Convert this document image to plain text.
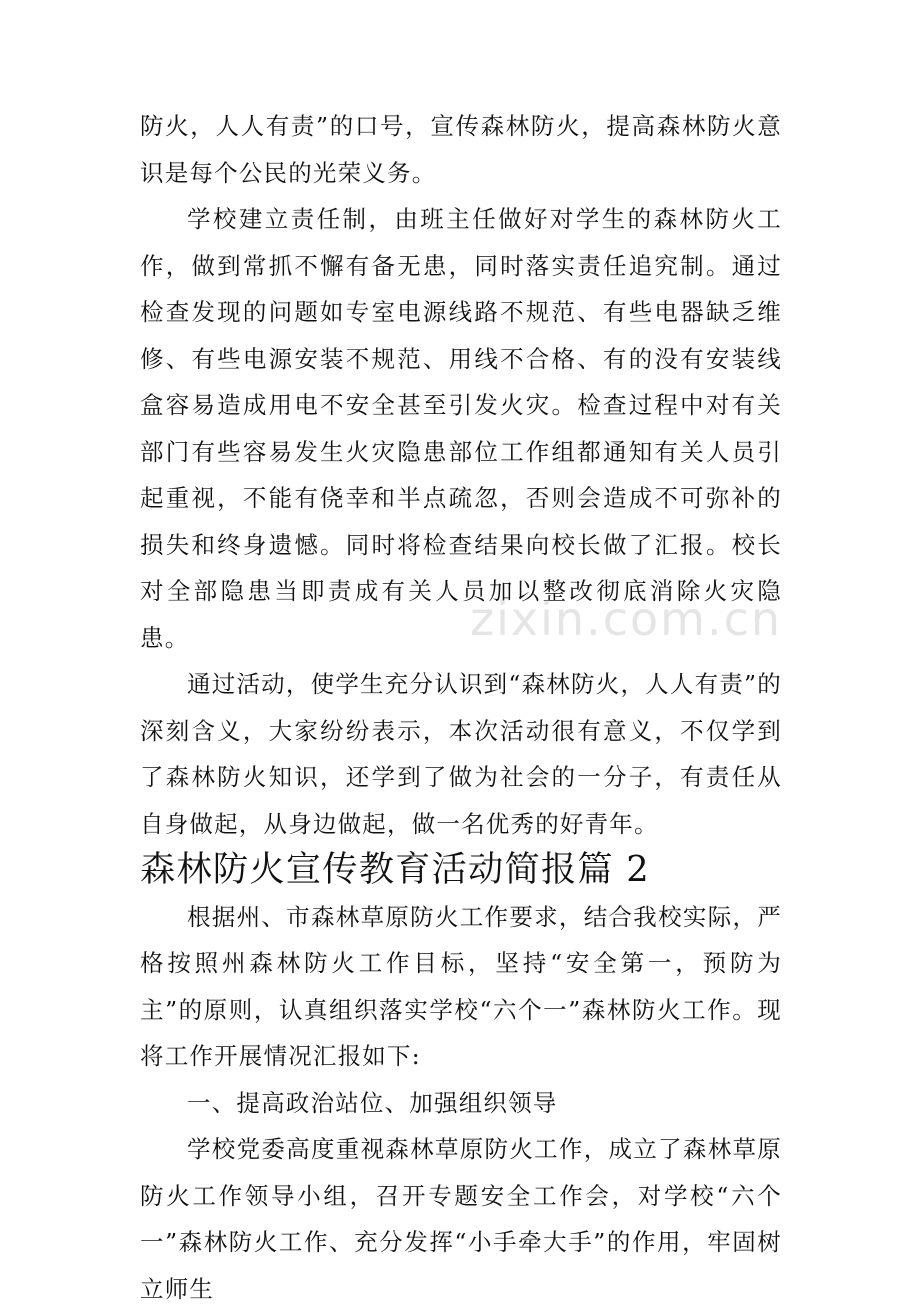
防火，人人有责”的口号，宣传森林防火，提高森林防火意识是每个公民的光荣义务。

学校建立责任制，由班主任做好对学生的森林防火工作，做到常抓不懈有备无患，同时落实责任追究制。通过检查发现的问题如专室电源线路不规范、有些电器缺乏维修、有些电源安装不规范、用线不合格、有的没有安装线盒容易造成用电不安全甚至引发火灾。检查过程中对有关部门有些容易发生火灾隐患部位工作组都通知有关人员引起重视，不能有侥幸和半点疏忽，否则会造成不可弥补的损失和终身遗憾。同时将检查结果向校长做了汇报。校长对全部隐患当即责成有关人员加以整改彻底消除火灾隐患。

通过活动，使学生充分认识到“森林防火，人人有责”的深刻含义，大家纷纷表示，本次活动很有意义，不仅学到了森林防火知识，还学到了做为社会的一分子，有责任从自身做起，从身边做起，做一名优秀的好青年。

森林防火宣传教育活动简报篇 2

根据州、市森林草原防火工作要求，结合我校实际，严格按照州森林防火工作目标，坚持“安全第一，预防为主”的原则，认真组织落实学校“六个一”森林防火工作。现将工作开展情况汇报如下:

一、提高政治站位、加强组织领导

学校党委高度重视森林草原防火工作，成立了森林草原防火工作领导小组，召开专题安全工作会，对学校“六个一”森林防火工作、充分发挥“小手牵大手”的作用，牢固树立师生

zixin.com.cn
